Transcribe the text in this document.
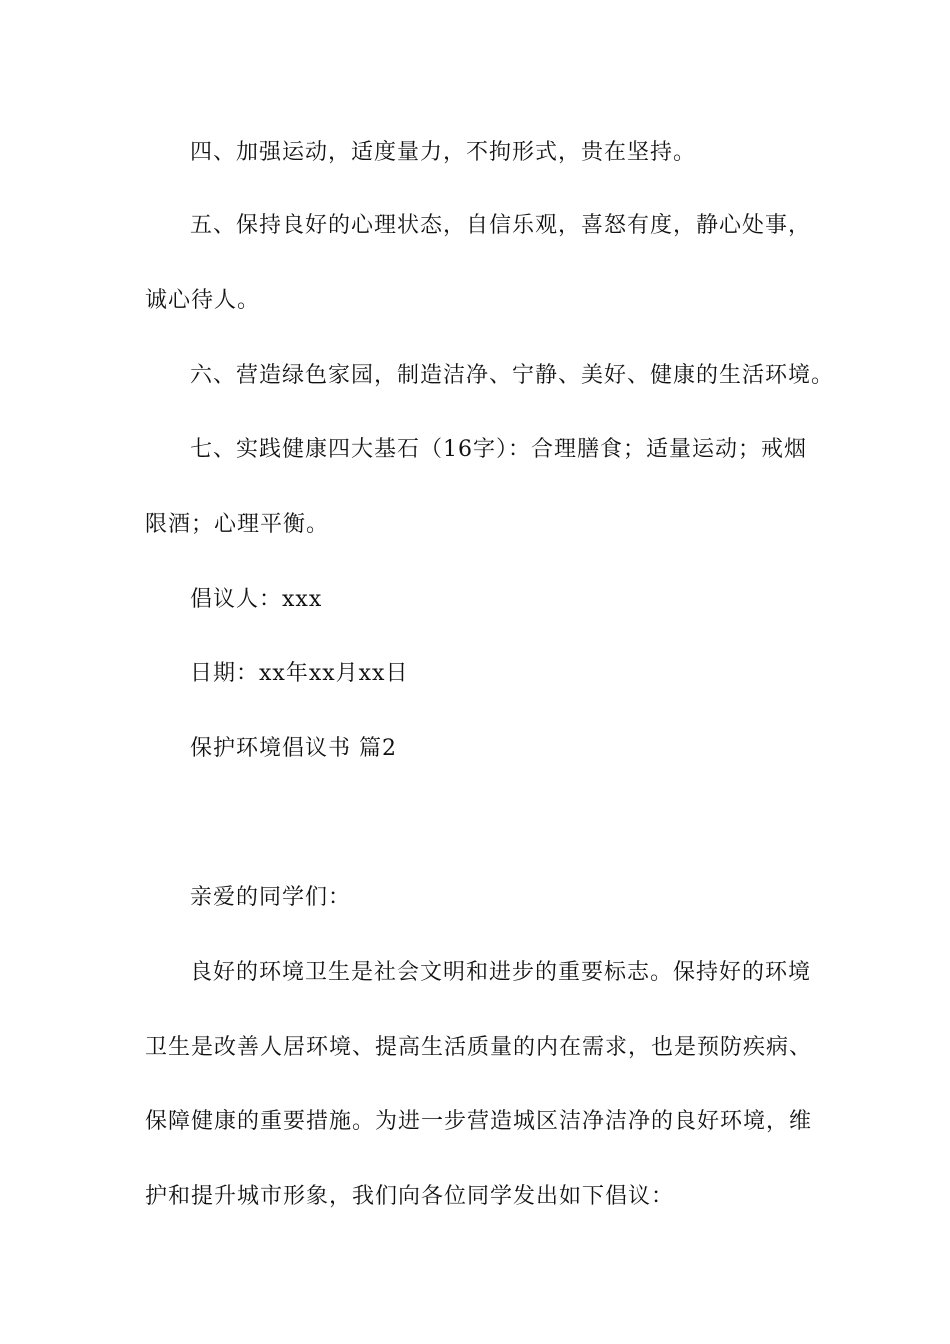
四、加强运动，适度量力，不拘形式，贵在坚持。
五、保持良好的心理状态，自信乐观，喜怒有度，静心处事，
诚心待人。
六、营造绿色家园，制造洁净、宁静、美好、健康的生活环境。
七、实践健康四大基石（16字）：合理膳食；适量运动；戒烟
限酒；心理平衡。
倡议人：xxx
日期：xx年xx月xx日
保护环境倡议书 篇2
亲爱的同学们：
良好的环境卫生是社会文明和进步的重要标志。保持好的环境
卫生是改善人居环境、提高生活质量的内在需求，也是预防疾病、
保障健康的重要措施。为进一步营造城区洁净洁净的良好环境，维
护和提升城市形象，我们向各位同学发出如下倡议：
